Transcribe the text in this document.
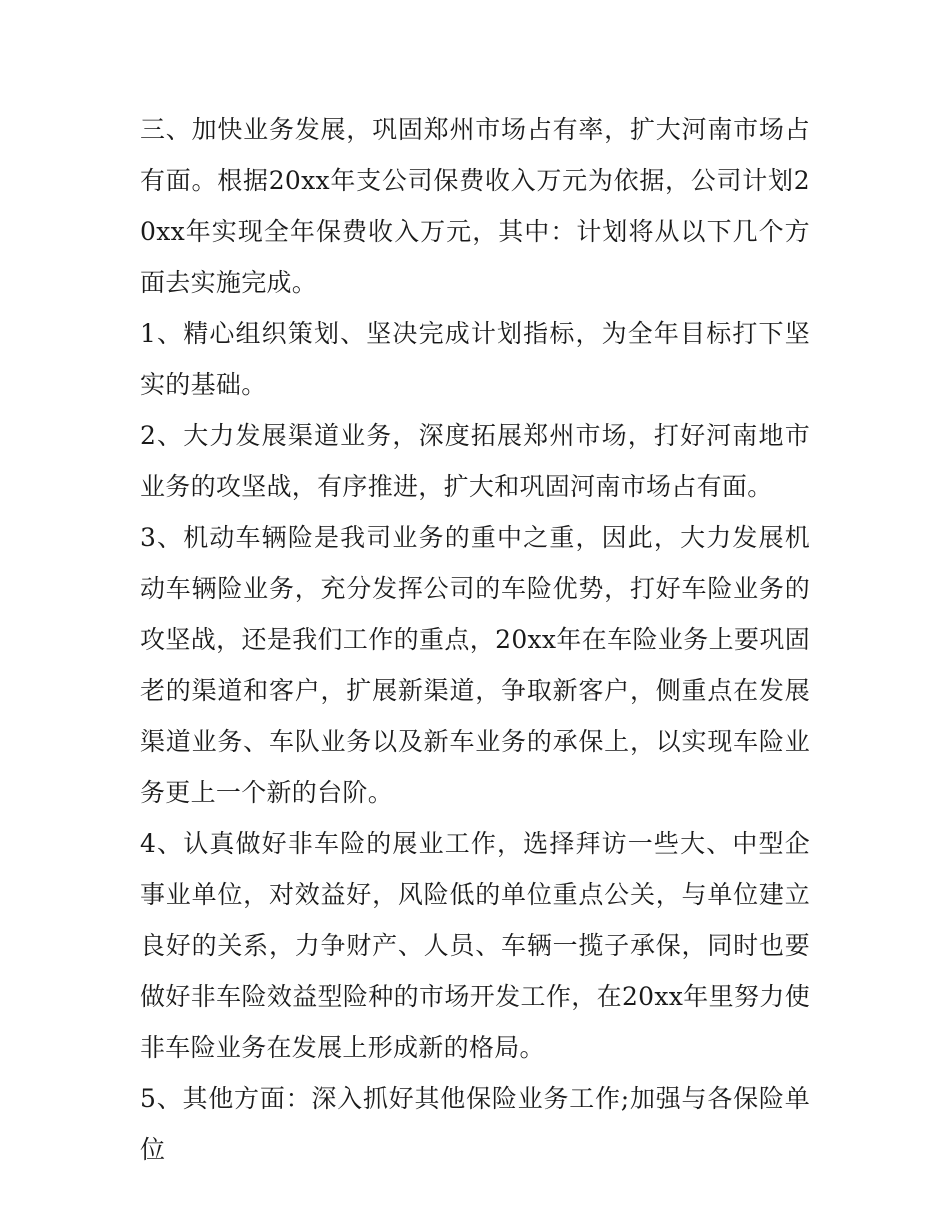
三、加快业务发展，巩固郑州市场占有率，扩大河南市场占有面。根据20xx年支公司保费收入万元为依据，公司计划20xx年实现全年保费收入万元，其中：计划将从以下几个方面去实施完成。

1、精心组织策划、坚决完成计划指标，为全年目标打下坚实的基础。

2、大力发展渠道业务，深度拓展郑州市场，打好河南地市业务的攻坚战，有序推进，扩大和巩固河南市场占有面。

3、机动车辆险是我司业务的重中之重，因此，大力发展机动车辆险业务，充分发挥公司的车险优势，打好车险业务的攻坚战，还是我们工作的重点，20xx年在车险业务上要巩固老的渠道和客户，扩展新渠道，争取新客户，侧重点在发展渠道业务、车队业务以及新车业务的承保上，以实现车险业务更上一个新的台阶。

4、认真做好非车险的展业工作，选择拜访一些大、中型企事业单位，对效益好，风险低的单位重点公关，与单位建立良好的关系，力争财产、人员、车辆一揽子承保，同时也要做好非车险效益型险种的市场开发工作，在20xx年里努力使非车险业务在发展上形成新的格局。

5、其他方面：深入抓好其他保险业务工作;加强与各保险单位
